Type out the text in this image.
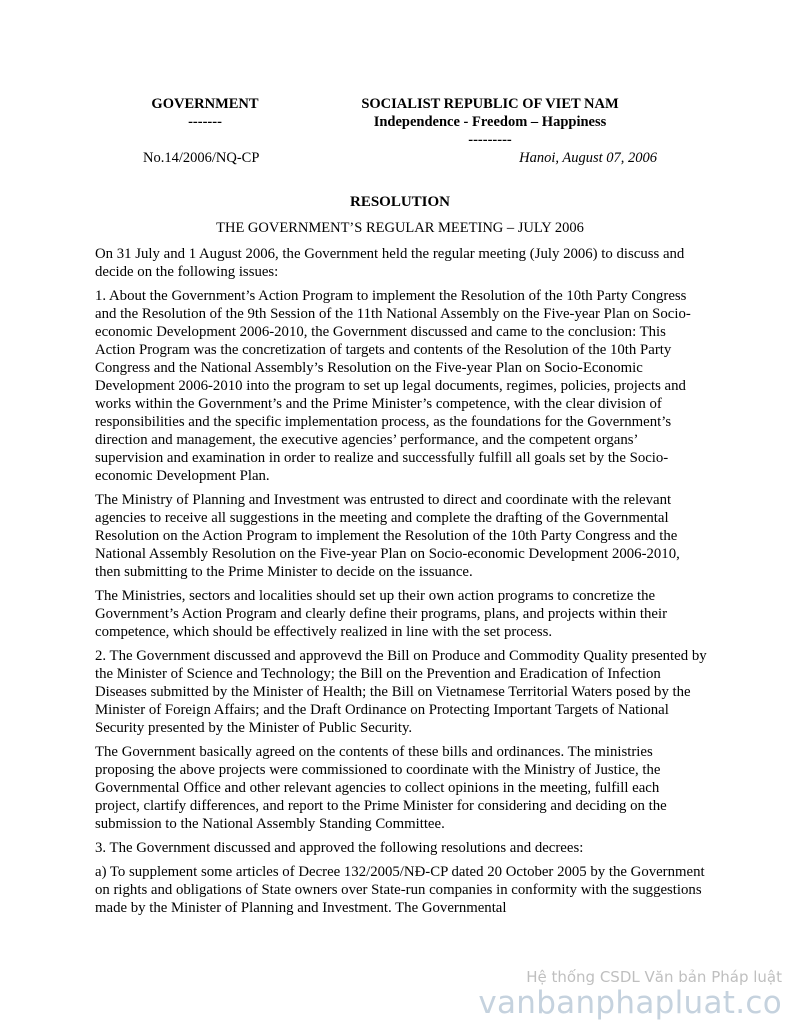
GOVERNMENT
-------
SOCIALIST REPUBLIC OF VIET NAM
Independence - Freedom – Happiness
---------
No.14/2006/NQ-CP	Hanoi, August 07, 2006
RESOLUTION
THE GOVERNMENT’S REGULAR MEETING – JULY 2006

On 31 July and 1 August 2006, the Government held the regular meeting (July 2006) to discuss and decide on the following issues:

1. About the Government’s Action Program to implement the Resolution of the 10th Party Congress and the Resolution of the 9th Session of the 11th National Assembly on the Five-year Plan on Socio-economic Development 2006-2010, the Government discussed and came to the conclusion: This Action Program was the concretization of targets and contents of the Resolution of the 10th Party Congress and the National Assembly’s Resolution on the Five-year Plan on Socio-Economic Development 2006-2010 into the program to set up legal documents, regimes, policies, projects and works within the Government’s and the Prime Minister’s competence, with the clear division of responsibilities and the specific implementation process, as the foundations for the Government’s direction and management, the executive agencies’ performance, and the competent organs’ supervision and examination in order to realize and successfully fulfill all goals set by the Socio-economic Development Plan.

The Ministry of Planning and Investment was entrusted to direct and coordinate with the relevant agencies to receive all suggestions in the meeting and complete the drafting of the Governmental Resolution on the Action Program to implement the Resolution of the 10th Party Congress and the National Assembly Resolution on the Five-year Plan on Socio-economic Development 2006-2010, then submitting to the Prime Minister to decide on the issuance.

The Ministries, sectors and localities should set up their own action programs to concretize the Government’s Action Program and clearly define their programs, plans, and projects within their competence, which should be effectively realized in line with the set process.

2. The Government discussed and approvevd the Bill on Produce and Commodity Quality presented by the Minister of Science and Technology; the Bill on the Prevention and Eradication of Infection Diseases submitted by the Minister of Health; the Bill on Vietnamese Territorial Waters posed by the Minister of Foreign Affairs; and the Draft Ordinance on Protecting Important Targets of National Security presented by the Minister of Public Security.

The Government basically agreed on the contents of these bills and ordinances. The ministries proposing the above projects were commissioned to coordinate with the Ministry of Justice, the Governmental Office and other relevant agencies to collect opinions in the meeting, fulfill each project, clartify differences, and report to the Prime Minister for considering and deciding on the submission to the National Assembly Standing Committee.

3. The Government discussed and approved the following resolutions and decrees:

a) To supplement some articles of Decree 132/2005/NĐ-CP dated 20 October 2005 by the Government on rights and obligations of State owners over State-run companies in conformity with the suggestions made by the Minister of Planning and Investment. The Governmental

Hệ thống CSDL Văn bản Pháp luật
vanbanphapluat.co
